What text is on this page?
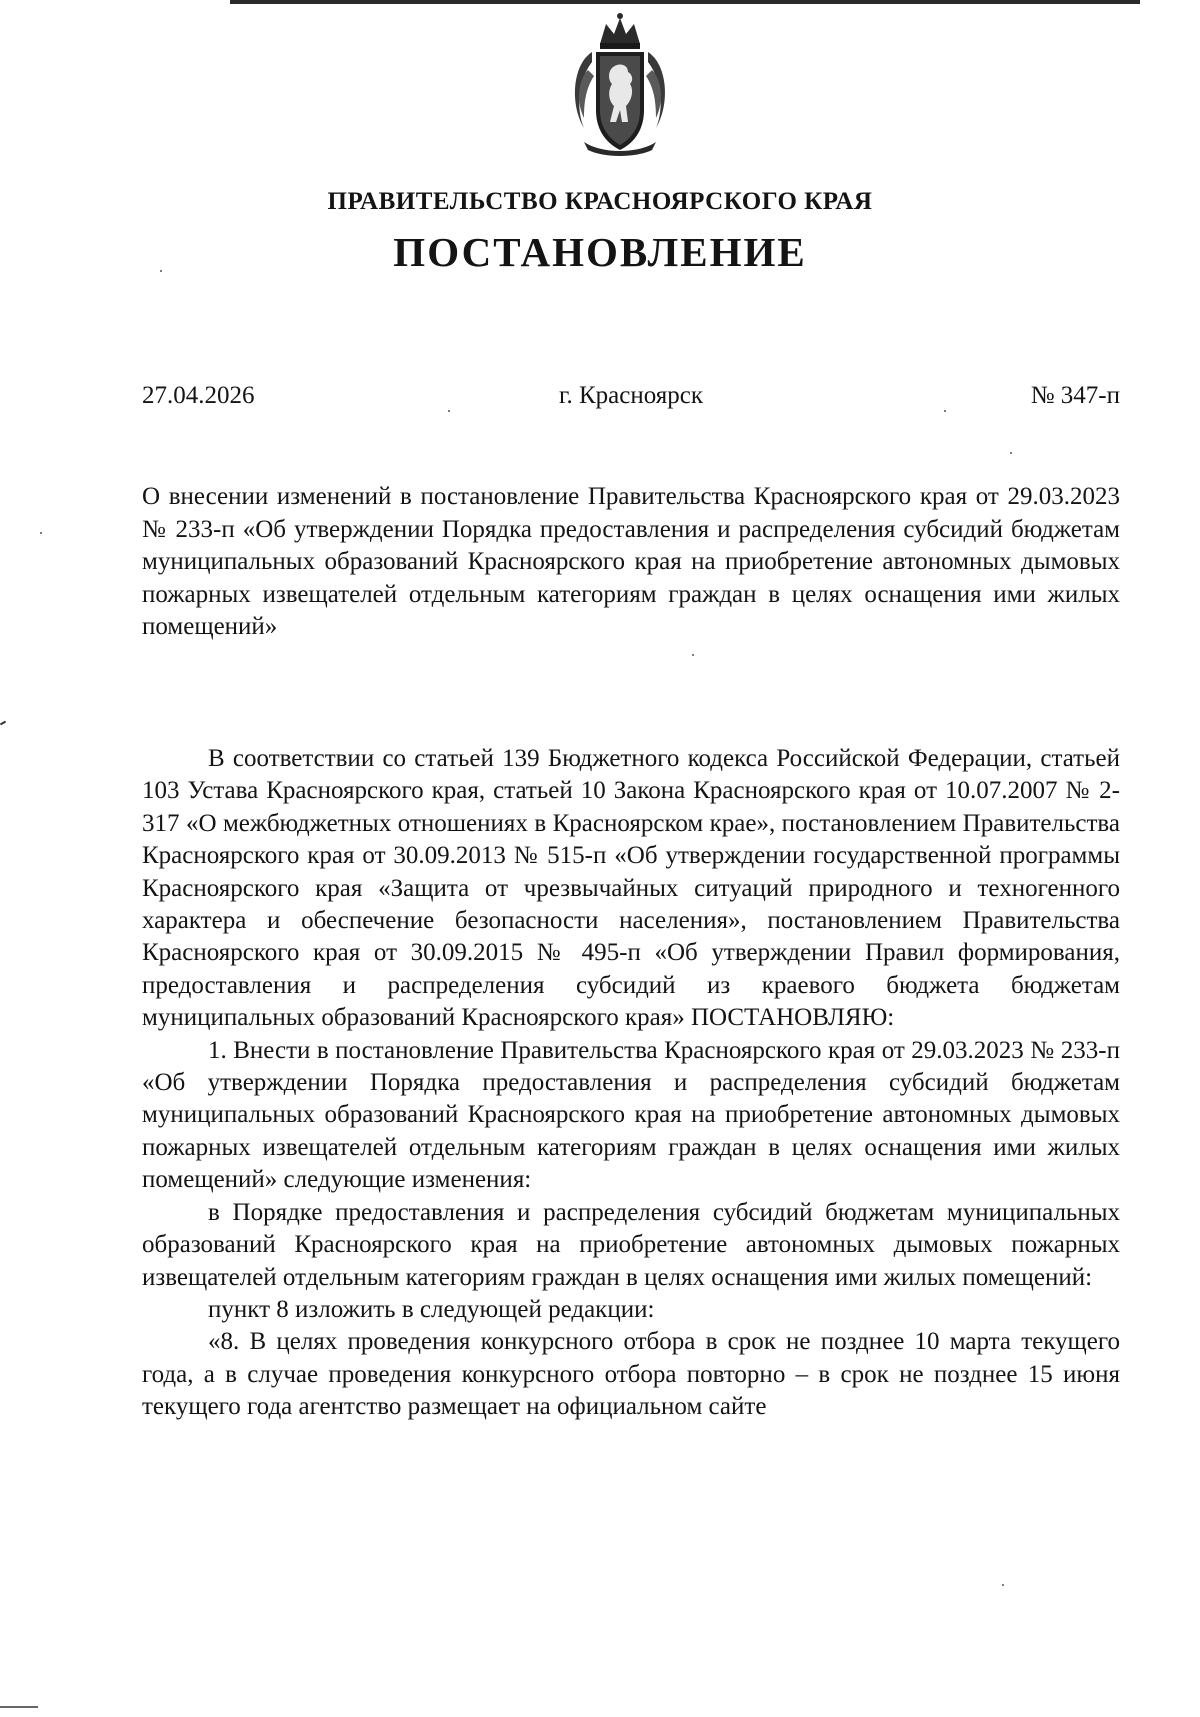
ПРАВИТЕЛЬСТВО КРАСНОЯРСКОГО КРАЯ
ПОСТАНОВЛЕНИЕ
27.04.2026	г. Красноярск	№ 347-п
О внесении изменений в постановление Правительства Красноярского края от 29.03.2023 № 233-п «Об утверждении Порядка предоставления и распределения субсидий бюджетам муниципальных образований Красноярского края на приобретение автономных дымовых пожарных извещателей отдельным категориям граждан в целях оснащения ими жилых помещений»

В соответствии со статьей 139 Бюджетного кодекса Российской Федерации, статьей 103 Устава Красноярского края, статьей 10 Закона Красноярского края от 10.07.2007 № 2-317 «О межбюджетных отношениях в Красноярском крае», постановлением Правительства Красноярского края от 30.09.2013 № 515-п «Об утверждении государственной программы Красноярского края «Защита от чрезвычайных ситуаций природного и техногенного характера и обеспечение безопасности населения», постановлением Правительства Красноярского края от 30.09.2015 № 495-п «Об утверждении Правил формирования, предоставления и распределения субсидий из краевого бюджета бюджетам муниципальных образований Красноярского края» ПОСТАНОВЛЯЮ:

1. Внести в постановление Правительства Красноярского края от 29.03.2023 № 233-п «Об утверждении Порядка предоставления и распределения субсидий бюджетам муниципальных образований Красноярского края на приобретение автономных дымовых пожарных извещателей отдельным категориям граждан в целях оснащения ими жилых помещений» следующие изменения:

в Порядке предоставления и распределения субсидий бюджетам муниципальных образований Красноярского края на приобретение автономных дымовых пожарных извещателей отдельным категориям граждан в целях оснащения ими жилых помещений:

пункт 8 изложить в следующей редакции:

«8. В целях проведения конкурсного отбора в срок не позднее 10 марта текущего года, а в случае проведения конкурсного отбора повторно – в срок не позднее 15 июня текущего года агентство размещает на официальном сайте
